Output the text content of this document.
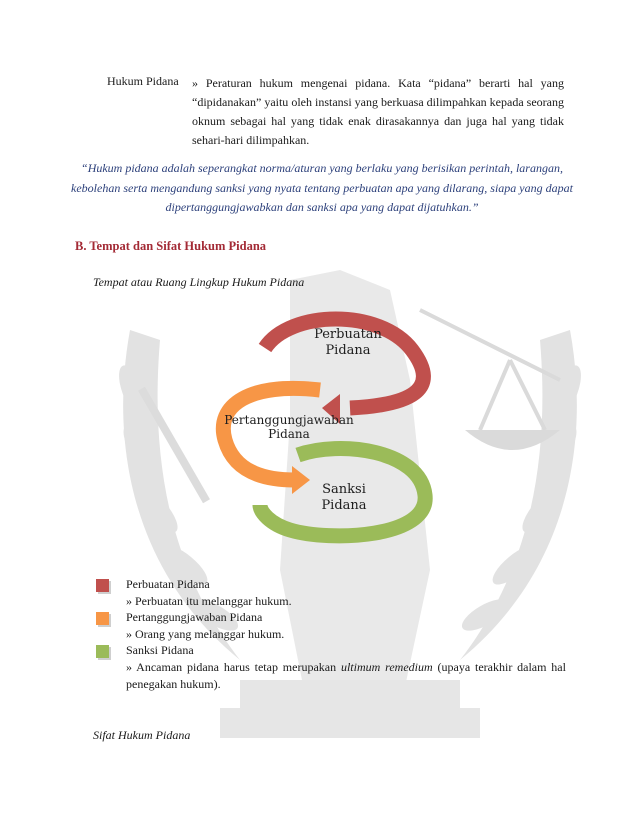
Hukum Pidana » Peraturan hukum mengenai pidana. Kata “pidana” berarti hal yang “dipidanakan” yaitu oleh instansi yang berkuasa dilimpahkan kepada seorang oknum sebagai hal yang tidak enak dirasakannya dan juga hal yang tidak sehari-hari dilimpahkan.
“Hukum pidana adalah seperangkat norma/aturan yang berlaku yang berisikan perintah, larangan, kebolehan serta mengandung sanksi yang nyata tentang perbuatan apa yang dilarang, siapa yang dapat dipertanggungjawabkan dan sanksi apa yang dapat dijatuhkan.”
B. Tempat dan Sifat Hukum Pidana
Tempat atau Ruang Lingkup Hukum Pidana
Perbuatan
Pidana
Pertanggungjawaban
Pidana
Sanksi
Pidana
Perbuatan Pidana
» Perbuatan itu melanggar hukum.
Pertanggungjawaban Pidana
» Orang yang melanggar hukum.
Sanksi Pidana
» Ancaman pidana harus tetap merupakan ultimum remedium (upaya terakhir dalam hal penegakan hukum).
Sifat Hukum Pidana
